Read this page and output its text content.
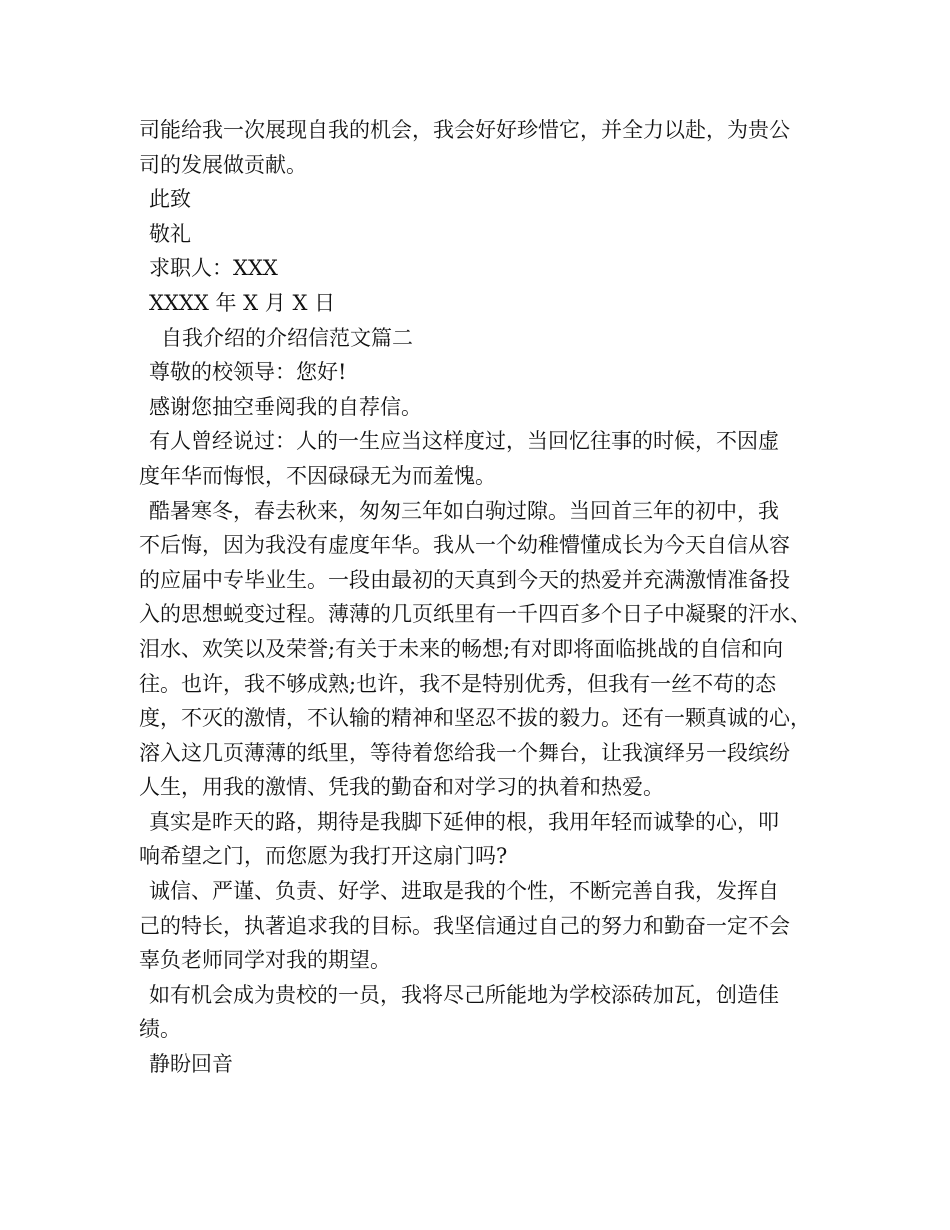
司能给我一次展现自我的机会，我会好好珍惜它，并全力以赴，为贵公
司的发展做贡献。
此致
敬礼
求职人：XXX
XXXX 年 X 月 X 日
自我介绍的介绍信范文篇二
尊敬的校领导：您好!
感谢您抽空垂阅我的自荐信。
有人曾经说过：人的一生应当这样度过，当回忆往事的时候，不因虚
度年华而悔恨，不因碌碌无为而羞愧。
酷暑寒冬，春去秋来，匆匆三年如白驹过隙。当回首三年的初中，我
不后悔，因为我没有虚度年华。我从一个幼稚懵懂成长为今天自信从容
的应届中专毕业生。一段由最初的天真到今天的热爱并充满激情准备投
入的思想蜕变过程。薄薄的几页纸里有一千四百多个日子中凝聚的汗水、
泪水、欢笑以及荣誉;有关于未来的畅想;有对即将面临挑战的自信和向
往。也许，我不够成熟;也许，我不是特别优秀，但我有一丝不苟的态
度，不灭的激情，不认输的精神和坚忍不拔的毅力。还有一颗真诚的心，
溶入这几页薄薄的纸里，等待着您给我一个舞台，让我演绎另一段缤纷
人生，用我的激情、凭我的勤奋和对学习的执着和热爱。
真实是昨天的路，期待是我脚下延伸的根，我用年轻而诚挚的心，叩
响希望之门，而您愿为我打开这扇门吗?
诚信、严谨、负责、好学、进取是我的个性，不断完善自我，发挥自
己的特长，执著追求我的目标。我坚信通过自己的努力和勤奋一定不会
辜负老师同学对我的期望。
如有机会成为贵校的一员，我将尽己所能地为学校添砖加瓦，创造佳
绩。
静盼回音
